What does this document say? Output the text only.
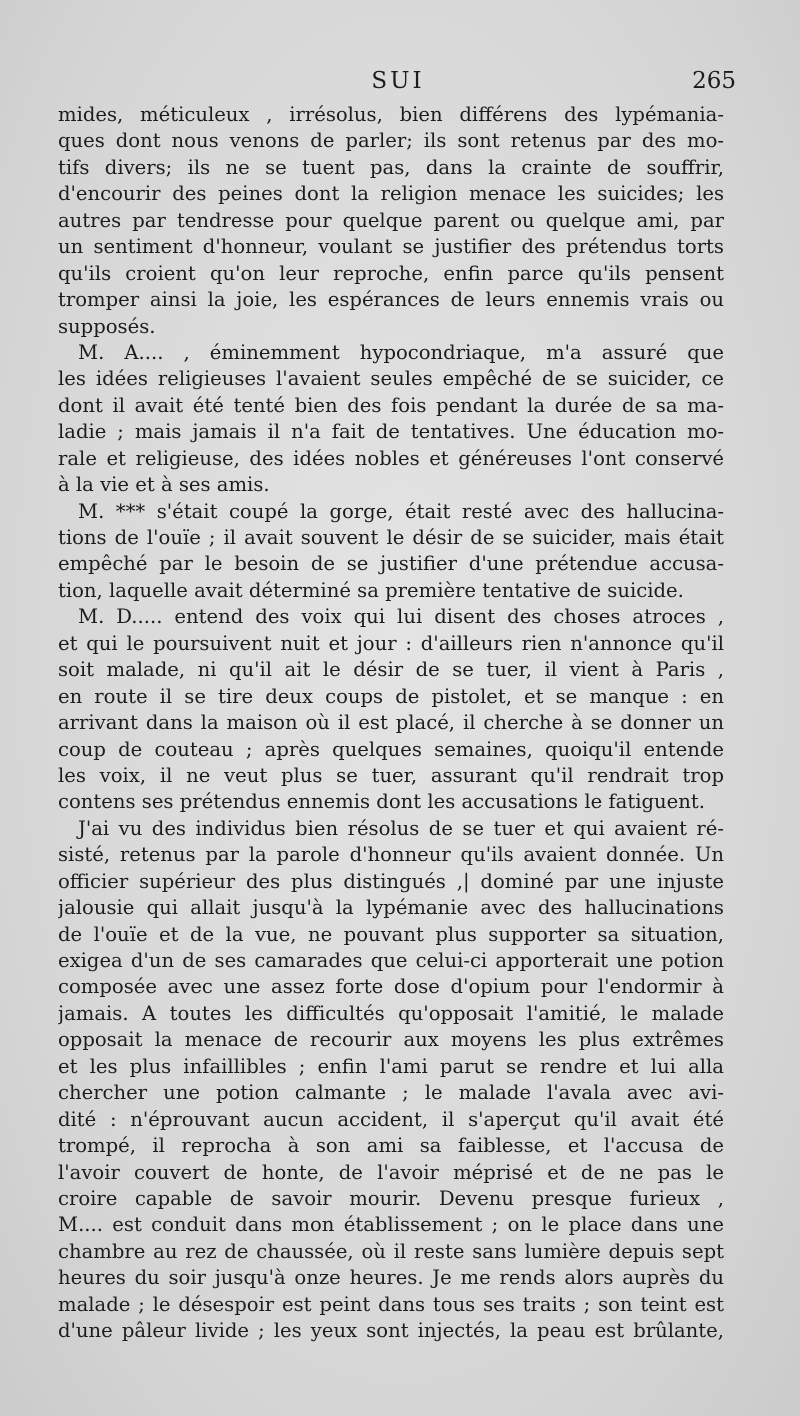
SUI	265
mides, méticuleux , irrésolus, bien différens des lypémania-
ques dont nous venons de parler; ils sont retenus par des mo-
tifs divers; ils ne se tuent pas, dans la crainte de souffrir,
d'encourir des peines dont la religion menace les suicides; les
autres par tendresse pour quelque parent ou quelque ami, par
un sentiment d'honneur, voulant se justifier des prétendus torts
qu'ils croient qu'on leur reproche, enfin parce qu'ils pensent
tromper ainsi la joie, les espérances de leurs ennemis vrais ou
supposés.
M. A.... , éminemment hypocondriaque, m'a assuré que
les idées religieuses l'avaient seules empêché de se suicider, ce
dont il avait été tenté bien des fois pendant la durée de sa ma-
ladie ; mais jamais il n'a fait de tentatives. Une éducation mo-
rale et religieuse, des idées nobles et généreuses l'ont conservé
à la vie et à ses amis.
M. *** s'était coupé la gorge, était resté avec des hallucina-
tions de l'ouïe ; il avait souvent le désir de se suicider, mais était
empêché par le besoin de se justifier d'une prétendue accusa-
tion, laquelle avait déterminé sa première tentative de suicide.
M. D..... entend des voix qui lui disent des choses atroces ,
et qui le poursuivent nuit et jour : d'ailleurs rien n'annonce qu'il
soit malade, ni qu'il ait le désir de se tuer, il vient à Paris ,
en route il se tire deux coups de pistolet, et se manque : en
arrivant dans la maison où il est placé, il cherche à se donner un
coup de couteau ; après quelques semaines, quoiqu'il entende
les voix, il ne veut plus se tuer, assurant qu'il rendrait trop
contens ses prétendus ennemis dont les accusations le fatiguent.
J'ai vu des individus bien résolus de se tuer et qui avaient ré-
sisté, retenus par la parole d'honneur qu'ils avaient donnée. Un
officier supérieur des plus distingués ,| dominé par une injuste
jalousie qui allait jusqu'à la lypémanie avec des hallucinations
de l'ouïe et de la vue, ne pouvant plus supporter sa situation,
exigea d'un de ses camarades que celui-ci apporterait une potion
composée avec une assez forte dose d'opium pour l'endormir à
jamais. A toutes les difficultés qu'opposait l'amitié, le malade
opposait la menace de recourir aux moyens les plus extrêmes
et les plus infaillibles ; enfin l'ami parut se rendre et lui alla
chercher une potion calmante ; le malade l'avala avec avi-
dité : n'éprouvant aucun accident, il s'aperçut qu'il avait été
trompé, il reprocha à son ami sa faiblesse, et l'accusa de
l'avoir couvert de honte, de l'avoir méprisé et de ne pas le
croire capable de savoir mourir. Devenu presque furieux ,
M.... est conduit dans mon établissement ; on le place dans une
chambre au rez de chaussée, où il reste sans lumière depuis sept
heures du soir jusqu'à onze heures. Je me rends alors auprès du
malade ; le désespoir est peint dans tous ses traits ; son teint est
d'une pâleur livide ; les yeux sont injectés, la peau est brûlante,
